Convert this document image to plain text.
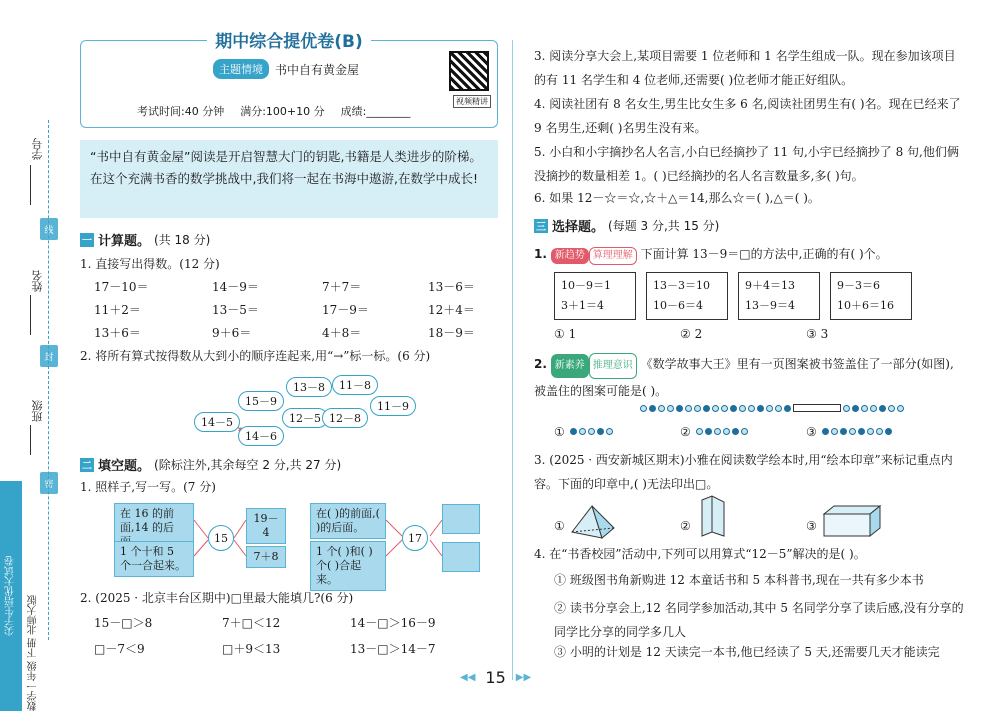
学号
线
姓名
封
班级
密
尖子生培优大试卷	数学一年级 下册 北师大版
期中综合提优卷(B)
主题情境	书中自有黄金屋
考试时间:40 分钟 满分:100+10 分 成绩:________
视频精讲
“书中自有黄金屋”阅读是开启智慧大门的钥匙,书籍是人类进步的阶梯。在这个充满书香的数学挑战中,我们将一起在书海中遨游,在数学中成长!
一 计算题。 (共 18 分)
1. 直接写出得数。(12 分)
17－10＝	14－9＝	7＋7＝	13－6＝
11＋2＝	13－5＝	17－9＝	12＋4＝
13＋6＝	9＋6＝	4＋8＝	18－9＝
2. 将所有算式按得数从大到小的顺序连起来,用“→”标一标。(6 分)
13－8	11－8
15－9	11－9
14－5	12－5 12－8
14－6
二 填空题。 (除标注外,其余每空 2 分,共 27 分)
1. 照样子,写一写。(7 分)
在 16 的前面,14 的后
1 个十和 5 个一合起来。
15
19－4
7＋8
在( )的前面,( )的后面。
1 个( )和( )个( )合起来。
17
2. (2025 · 北京丰台区期中)□里最大能填几?(6 分)
15－□＞8	7＋□＜12	14－□＞16－9
□－7＜9	□＋9＜13	13－□＞14－7
3. 阅读分享大会上,某项目需要 1 位老师和 1 名学生组成一队。现在参加该项目的有 11 名学生和 4 位老师,还需要( )位老师才能正好组队。
4. 阅读社团有 8 名女生,男生比女生多 6 名,阅读社团男生有( )名。现在已经来了 9 名男生,还剩( )名男生没有来。
5. 小白和小宇摘抄名人名言,小白已经摘抄了 11 句,小宇已经摘抄了 8 句,他们俩没摘抄的数量相差 1。( )已经摘抄的名人名言数量多,多( )句。
6. 如果 12－☆＝☆,☆＋△＝14,那么☆＝( ),△＝( )。
三 选择题。 (每题 3 分,共 15 分)
1. 新趋势 算理理解 下面计算 13－9＝□的方法中,正确的有( )个。
10－9＝1
3＋1＝4
13－3＝10
10－6＝4
9＋4＝13
13－9＝4
9－3＝6
10＋6＝16
① 1	② 2	③ 3
2. 新素养 推理意识 《数学故事大王》里有一页图案被书签盖住了一部分(如图),被盖住的图案可能是( )。
①	②	③
3. (2025 · 西安新城区期末)小雅在阅读数学绘本时,用“绘本印章”来标记重点内容。下面的印章中,( )无法印出□。
①	②	③
4. 在“书香校园”活动中,下列可以用算式“12－5”解决的是( )。
① 班级图书角新购进 12 本童话书和 5 本科普书,现在一共有多少本书
② 读书分享会上,12 名同学参加活动,其中 5 名同学分享了读后感,没有分享的同学比分享的同学多几人
③ 小明的计划是 12 天读完一本书,他已经读了 5 天,还需要几天才能读完
◀◀ 15 ▶▶
